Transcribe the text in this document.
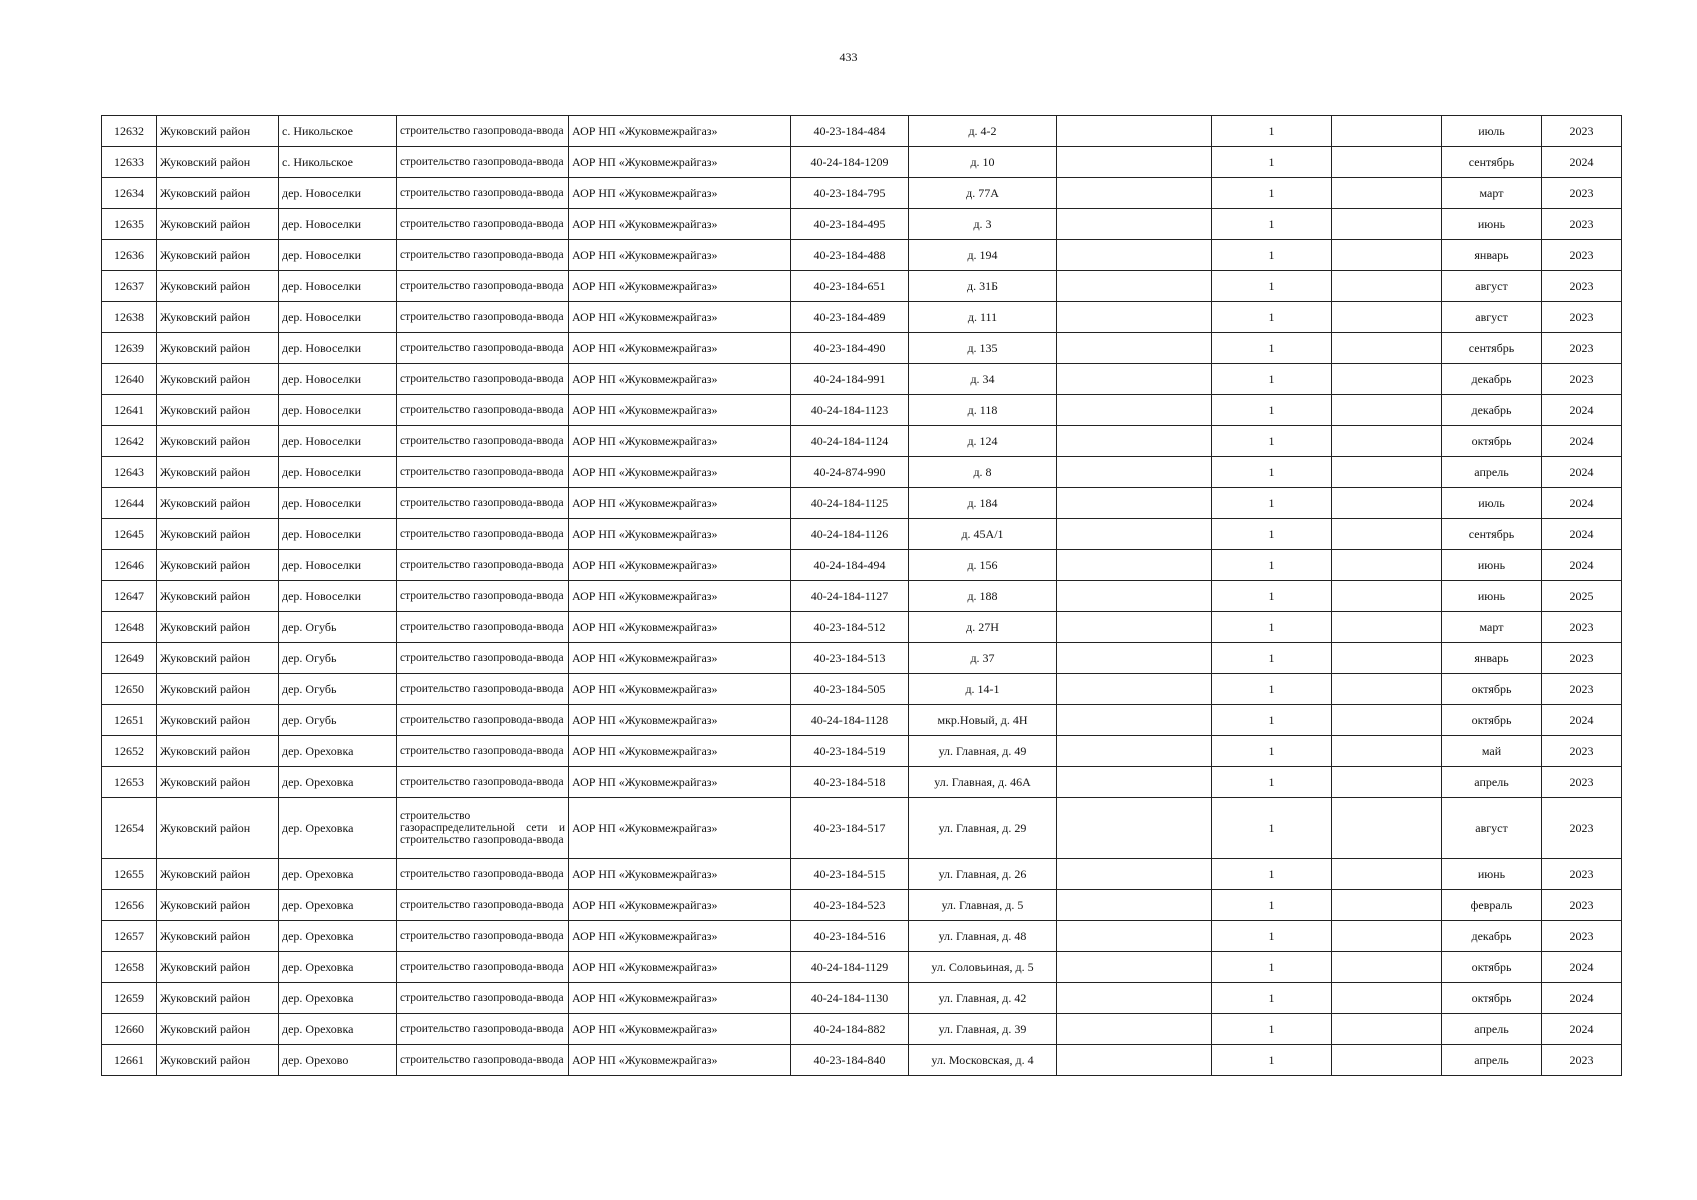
433
12632	Жуковский район	с. Никольское	строительство газопровода-ввода	АОР НП «Жуковмежрайгаз»	40-23-184-484	д. 4-2		1		июль	2023
12633	Жуковский район	с. Никольское	строительство газопровода-ввода	АОР НП «Жуковмежрайгаз»	40-24-184-1209	д. 10		1		сентябрь	2024
12634	Жуковский район	дер. Новоселки	строительство газопровода-ввода	АОР НП «Жуковмежрайгаз»	40-23-184-795	д. 77А		1		март	2023
12635	Жуковский район	дер. Новоселки	строительство газопровода-ввода	АОР НП «Жуковмежрайгаз»	40-23-184-495	д. 3		1		июнь	2023
12636	Жуковский район	дер. Новоселки	строительство газопровода-ввода	АОР НП «Жуковмежрайгаз»	40-23-184-488	д. 194		1		январь	2023
12637	Жуковский район	дер. Новоселки	строительство газопровода-ввода	АОР НП «Жуковмежрайгаз»	40-23-184-651	д. 31Б		1		август	2023
12638	Жуковский район	дер. Новоселки	строительство газопровода-ввода	АОР НП «Жуковмежрайгаз»	40-23-184-489	д. 111		1		август	2023
12639	Жуковский район	дер. Новоселки	строительство газопровода-ввода	АОР НП «Жуковмежрайгаз»	40-23-184-490	д. 135		1		сентябрь	2023
12640	Жуковский район	дер. Новоселки	строительство газопровода-ввода	АОР НП «Жуковмежрайгаз»	40-24-184-991	д. 34		1		декабрь	2023
12641	Жуковский район	дер. Новоселки	строительство газопровода-ввода	АОР НП «Жуковмежрайгаз»	40-24-184-1123	д. 118		1		декабрь	2024
12642	Жуковский район	дер. Новоселки	строительство газопровода-ввода	АОР НП «Жуковмежрайгаз»	40-24-184-1124	д. 124		1		октябрь	2024
12643	Жуковский район	дер. Новоселки	строительство газопровода-ввода	АОР НП «Жуковмежрайгаз»	40-24-874-990	д. 8		1		апрель	2024
12644	Жуковский район	дер. Новоселки	строительство газопровода-ввода	АОР НП «Жуковмежрайгаз»	40-24-184-1125	д. 184		1		июль	2024
12645	Жуковский район	дер. Новоселки	строительство газопровода-ввода	АОР НП «Жуковмежрайгаз»	40-24-184-1126	д. 45А/1		1		сентябрь	2024
12646	Жуковский район	дер. Новоселки	строительство газопровода-ввода	АОР НП «Жуковмежрайгаз»	40-24-184-494	д. 156		1		июнь	2024
12647	Жуковский район	дер. Новоселки	строительство газопровода-ввода	АОР НП «Жуковмежрайгаз»	40-24-184-1127	д. 188		1		июнь	2025
12648	Жуковский район	дер. Огубь	строительство газопровода-ввода	АОР НП «Жуковмежрайгаз»	40-23-184-512	д. 27Н		1		март	2023
12649	Жуковский район	дер. Огубь	строительство газопровода-ввода	АОР НП «Жуковмежрайгаз»	40-23-184-513	д. 37		1		январь	2023
12650	Жуковский район	дер. Огубь	строительство газопровода-ввода	АОР НП «Жуковмежрайгаз»	40-23-184-505	д. 14-1		1		октябрь	2023
12651	Жуковский район	дер. Огубь	строительство газопровода-ввода	АОР НП «Жуковмежрайгаз»	40-24-184-1128	мкр.Новый, д. 4Н		1		октябрь	2024
12652	Жуковский район	дер. Ореховка	строительство газопровода-ввода	АОР НП «Жуковмежрайгаз»	40-23-184-519	ул. Главная, д. 49		1		май	2023
12653	Жуковский район	дер. Ореховка	строительство газопровода-ввода	АОР НП «Жуковмежрайгаз»	40-23-184-518	ул. Главная, д. 46А		1		апрель	2023
12654	Жуковский район	дер. Ореховка	строительство газораспределительной сети и строительство газопровода-ввода	АОР НП «Жуковмежрайгаз»	40-23-184-517	ул. Главная, д. 29		1		август	2023
12655	Жуковский район	дер. Ореховка	строительство газопровода-ввода	АОР НП «Жуковмежрайгаз»	40-23-184-515	ул. Главная, д. 26		1		июнь	2023
12656	Жуковский район	дер. Ореховка	строительство газопровода-ввода	АОР НП «Жуковмежрайгаз»	40-23-184-523	ул. Главная, д. 5		1		февраль	2023
12657	Жуковский район	дер. Ореховка	строительство газопровода-ввода	АОР НП «Жуковмежрайгаз»	40-23-184-516	ул. Главная, д. 48		1		декабрь	2023
12658	Жуковский район	дер. Ореховка	строительство газопровода-ввода	АОР НП «Жуковмежрайгаз»	40-24-184-1129	ул. Соловьиная, д. 5		1		октябрь	2024
12659	Жуковский район	дер. Ореховка	строительство газопровода-ввода	АОР НП «Жуковмежрайгаз»	40-24-184-1130	ул. Главная, д. 42		1		октябрь	2024
12660	Жуковский район	дер. Ореховка	строительство газопровода-ввода	АОР НП «Жуковмежрайгаз»	40-24-184-882	ул. Главная, д. 39		1		апрель	2024
12661	Жуковский район	дер. Орехово	строительство газопровода-ввода	АОР НП «Жуковмежрайгаз»	40-23-184-840	ул. Московская, д. 4		1		апрель	2023
